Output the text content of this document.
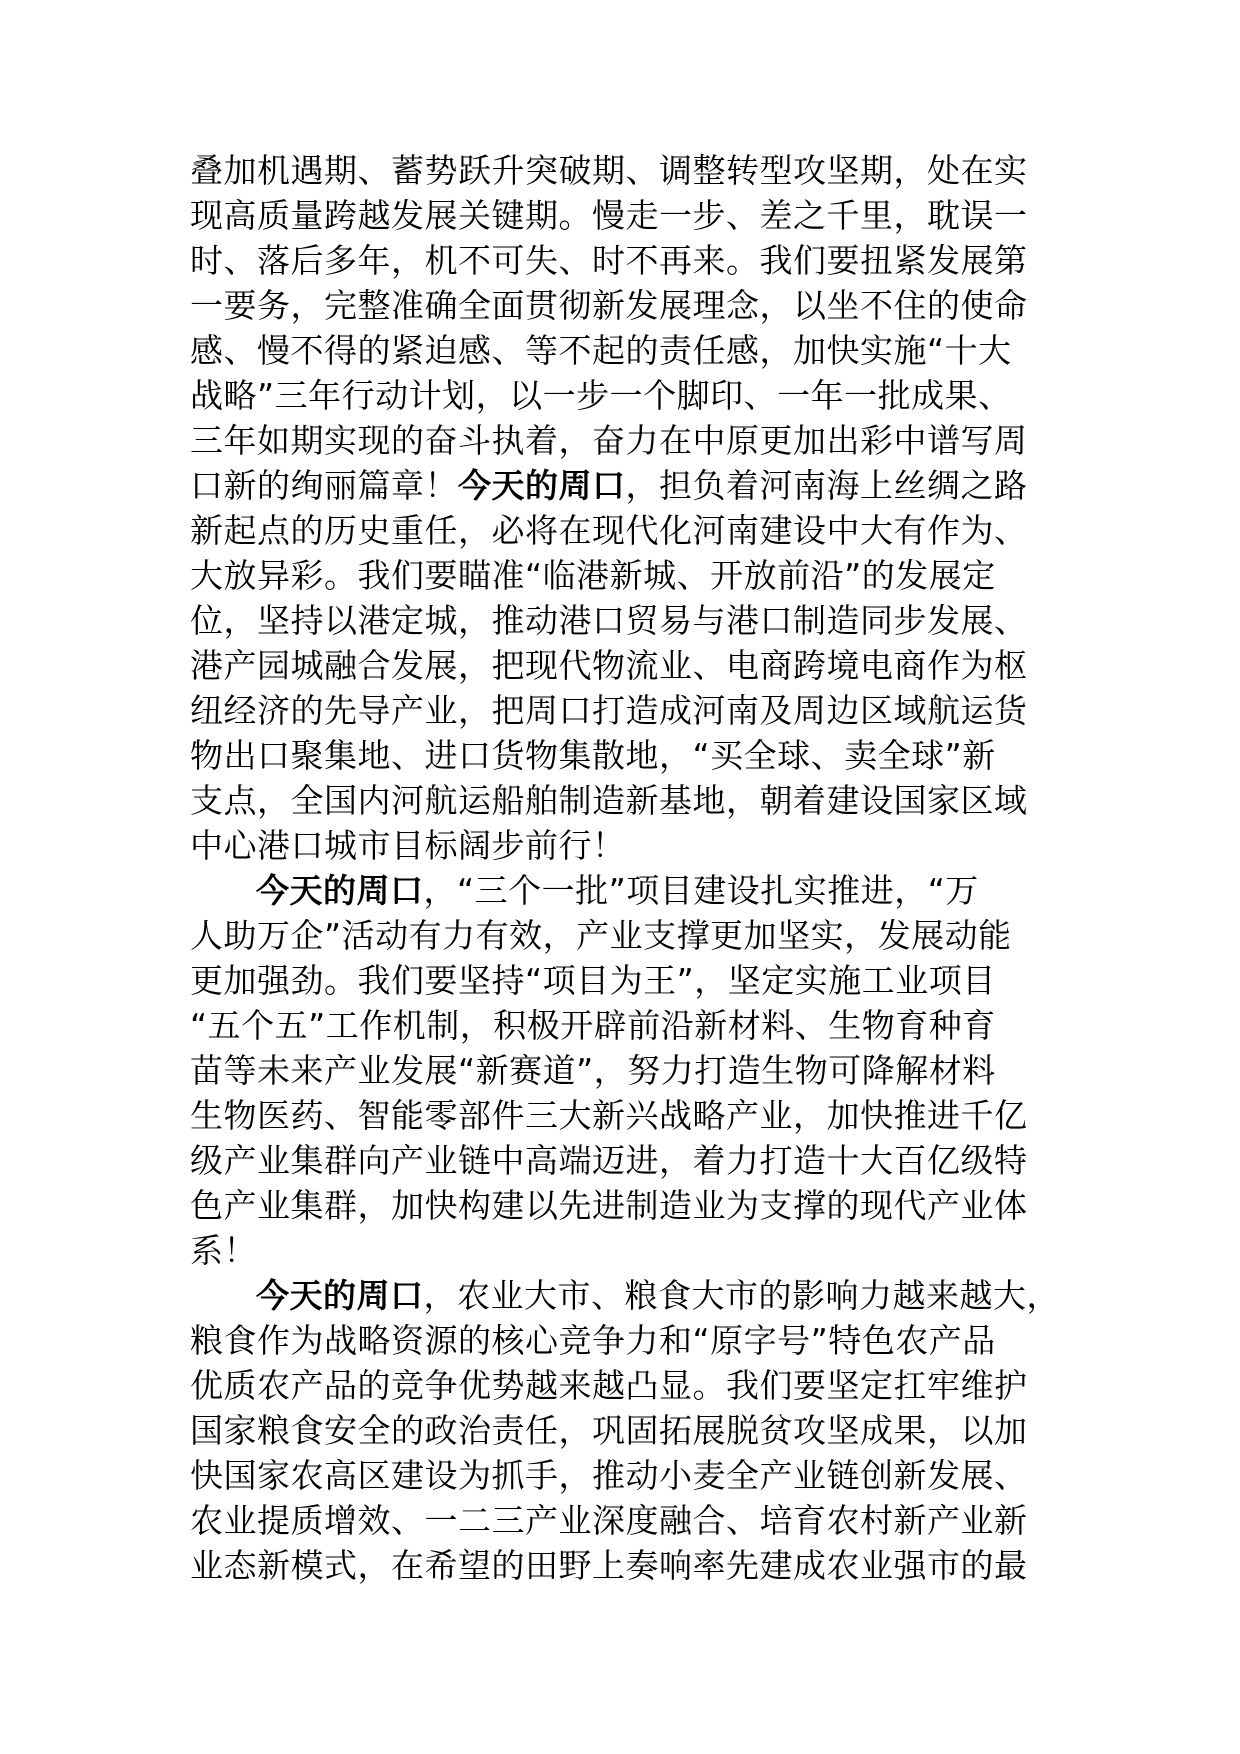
叠加机遇期、蓄势跃升突破期、调整转型攻坚期，处在实
现高质量跨越发展关键期。慢走一步、差之千里，耽误一
时、落后多年，机不可失、时不再来。我们要扭紧发展第
一要务，完整准确全面贯彻新发展理念，以坐不住的使命
感、慢不得的紧迫感、等不起的责任感，加快实施“十大
战略”三年行动计划，以一步一个脚印、一年一批成果、
三年如期实现的奋斗执着，奋力在中原更加出彩中谱写周
口新的绚丽篇章！今天的周口，担负着河南海上丝绸之路
新起点的历史重任，必将在现代化河南建设中大有作为、
大放异彩。我们要瞄准“临港新城、开放前沿”的发展定
位，坚持以港定城，推动港口贸易与港口制造同步发展、
港产园城融合发展，把现代物流业、电商跨境电商作为枢
纽经济的先导产业，把周口打造成河南及周边区域航运货
物出口聚集地、进口货物集散地，“买全球、卖全球”新
支点，全国内河航运船舶制造新基地，朝着建设国家区域
中心港口城市目标阔步前行！
今天的周口，“三个一批”项目建设扎实推进，“万
人助万企”活动有力有效，产业支撑更加坚实，发展动能
更加强劲。我们要坚持“项目为王”，坚定实施工业项目
“五个五”工作机制，积极开辟前沿新材料、生物育种育
苗等未来产业发展“新赛道”，努力打造生物可降解材料
生物医药、智能零部件三大新兴战略产业，加快推进千亿
级产业集群向产业链中高端迈进，着力打造十大百亿级特
色产业集群，加快构建以先进制造业为支撑的现代产业体
系！
今天的周口，农业大市、粮食大市的影响力越来越大，
粮食作为战略资源的核心竞争力和“原字号”特色农产品
优质农产品的竞争优势越来越凸显。我们要坚定扛牢维护
国家粮食安全的政治责任，巩固拓展脱贫攻坚成果，以加
快国家农高区建设为抓手，推动小麦全产业链创新发展、
农业提质增效、一二三产业深度融合、培育农村新产业新
业态新模式，在希望的田野上奏响率先建成农业强市的最
